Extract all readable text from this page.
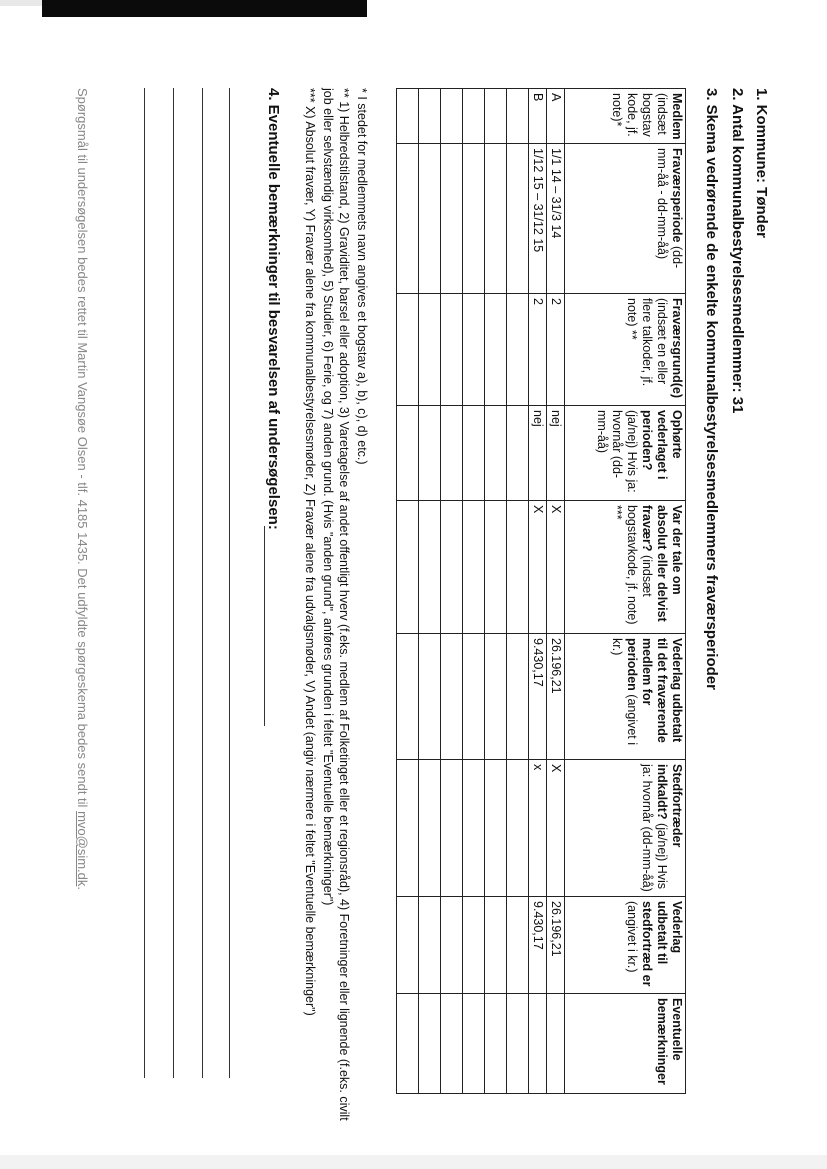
1. Kommune: Tønder
2. Antal kommunalbestyrelsesmedlemmer: 31
3. Skema vedrørende de enkelte kommunalbestyrelsesmedlemmers fraværsperioder
Medlem (indsæt bogstav kode, jf. note)*	Fraværsperiode (dd-mm-åå - dd-mm-åå)	Fraværsgrund(e) (indsæt en eller flere talkoder, jf. note) **	Ophørte vederlaget i perioden? (ja/nej) Hvis ja: hvornår (dd-mm-åå)	Var der tale om absolut eller delvist fravær? (indsæt bogstavkode, jf. note) ***	Vederlag udbetalt til det fraværende medlem for perioden (angivet i kr.)	Stedfortræder indkaldt? (ja/nej) Hvis ja: hvornår (dd-mm-åå)	Vederlag udbetalt til stedfortræd er (angivet i kr.)	Eventuelle bemærkninger
A	1/1 14 – 31/3 14	2	nej	X	26.196,21	X	26.196,21	
B	1/12 15 – 31/12 15	2	nej	X	9.430,17	x	9.430,17	

* I stedet for medlemmets navn angives et bogstav a), b), c), d) etc.)

** 1) Helbredstilstand, 2) Graviditet, barsel eller adoption, 3) Varetagelse af andet offentligt hverv (f.eks. medlem af Folketinget eller et regionsråd), 4) Foretninger eller lignende (f.eks. civilt job eller selvstændig virksomhed), 5) Studier, 6) Ferie, og 7) anden grund. (Hvis "anden grund", anføres grunden i feltet "Eventuelle bemærkninger")

*** X) Absolut fravær, Y) Fravær alene fra kommunalbestyrelsesmøder, Z) Fravær alene fra udvalgsmøder, V) Andet (angiv nærmere i feltet "Eventuelle bemærkninger")

4. Eventuelle bemærkninger til besvarelsen af undersøgelsen:
Spørgsmål til undersøgelsen bedes rettet til Martin Vangsøe Olsen - tlf. 4185 1435. Det udfyldte spørgeskema bedes sendt til mvo@sim.dk.
